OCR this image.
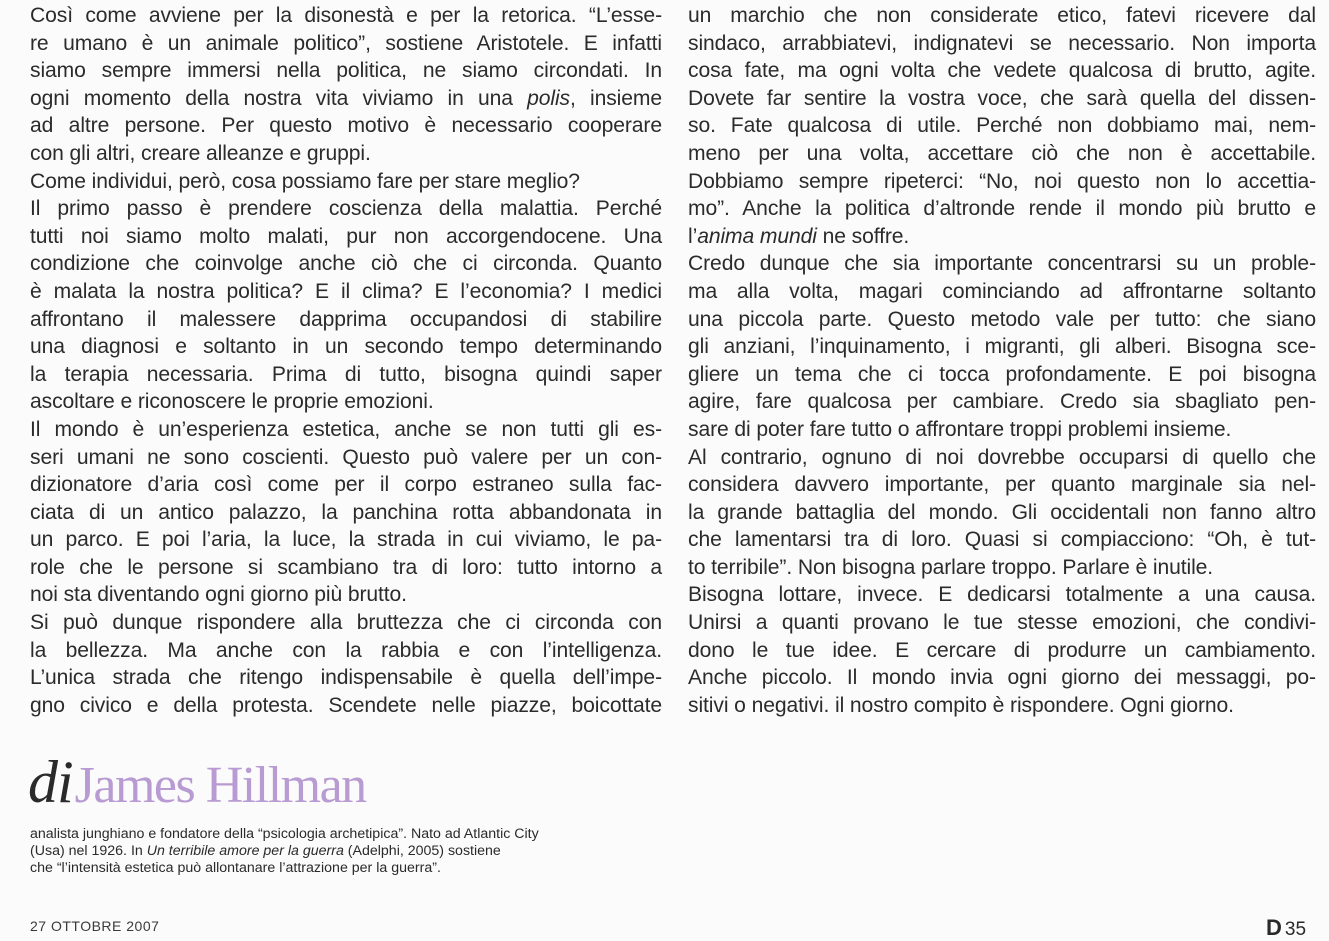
Così come avviene per la disonestà e per la retorica. “L’esse-
re umano è un animale politico”, sostiene Aristotele. E infatti
siamo sempre immersi nella politica, ne siamo circondati. In
ogni momento della nostra vita viviamo in una polis, insieme
ad altre persone. Per questo motivo è necessario cooperare
con gli altri, creare alleanze e gruppi.
Come individui, però, cosa possiamo fare per stare meglio?
Il primo passo è prendere coscienza della malattia. Perché
tutti noi siamo molto malati, pur non accorgendocene. Una
condizione che coinvolge anche ciò che ci circonda. Quanto
è malata la nostra politica? E il clima? E l’economia? I medici
affrontano il malessere dapprima occupandosi di stabilire
una diagnosi e soltanto in un secondo tempo determinando
la terapia necessaria. Prima di tutto, bisogna quindi saper
ascoltare e riconoscere le proprie emozioni.
Il mondo è un’esperienza estetica, anche se non tutti gli es-
seri umani ne sono coscienti. Questo può valere per un con-
dizionatore d’aria così come per il corpo estraneo sulla fac-
ciata di un antico palazzo, la panchina rotta abbandonata in
un parco. E poi l’aria, la luce, la strada in cui viviamo, le pa-
role che le persone si scambiano tra di loro: tutto intorno a
noi sta diventando ogni giorno più brutto.
Si può dunque rispondere alla bruttezza che ci circonda con
la bellezza. Ma anche con la rabbia e con l’intelligenza.
L’unica strada che ritengo indispensabile è quella dell’impe-
gno civico e della protesta. Scendete nelle piazze, boicottate
un marchio che non considerate etico, fatevi ricevere dal
sindaco, arrabbiatevi, indignatevi se necessario. Non importa
cosa fate, ma ogni volta che vedete qualcosa di brutto, agite.
Dovete far sentire la vostra voce, che sarà quella del dissen-
so. Fate qualcosa di utile. Perché non dobbiamo mai, nem-
meno per una volta, accettare ciò che non è accettabile.
Dobbiamo sempre ripeterci: “No, noi questo non lo accettia-
mo”. Anche la politica d’altronde rende il mondo più brutto e
l’anima mundi ne soffre.
Credo dunque che sia importante concentrarsi su un proble-
ma alla volta, magari cominciando ad affrontarne soltanto
una piccola parte. Questo metodo vale per tutto: che siano
gli anziani, l’inquinamento, i migranti, gli alberi. Bisogna sce-
gliere un tema che ci tocca profondamente. E poi bisogna
agire, fare qualcosa per cambiare. Credo sia sbagliato pen-
sare di poter fare tutto o affrontare troppi problemi insieme.
Al contrario, ognuno di noi dovrebbe occuparsi di quello che
considera davvero importante, per quanto marginale sia nel-
la grande battaglia del mondo. Gli occidentali non fanno altro
che lamentarsi tra di loro. Quasi si compiacciono: “Oh, è tut-
to terribile”. Non bisogna parlare troppo. Parlare è inutile.
Bisogna lottare, invece. E dedicarsi totalmente a una causa.
Unirsi a quanti provano le tue stesse emozioni, che condivi-
dono le tue idee. E cercare di produrre un cambiamento.
Anche piccolo. Il mondo invia ogni giorno dei messaggi, po-
sitivi o negativi. il nostro compito è rispondere. Ogni giorno.
diJames Hillman
analista junghiano e fondatore della “psicologia archetipica”. Nato ad Atlantic City
(Usa) nel 1926. In Un terribile amore per la guerra (Adelphi, 2005) sostiene
che “l’intensità estetica può allontanare l’attrazione per la guerra”.
27 OTTOBRE 2007	D 35
